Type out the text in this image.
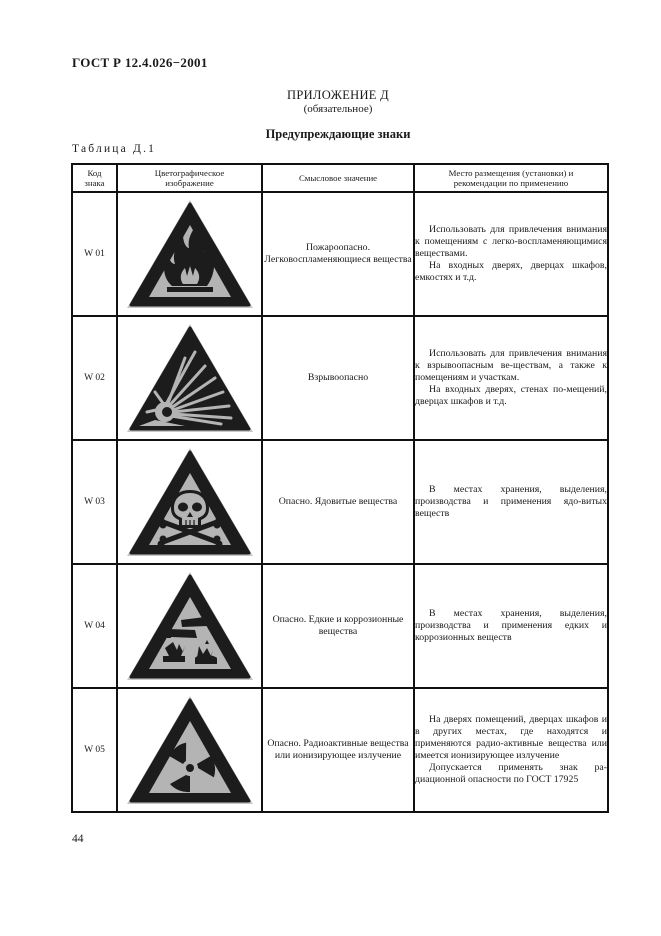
ГОСТ Р 12.4.026−2001
ПРИЛОЖЕНИЕ Д
(обязательное)
Предупреждающие знаки
Таблица Д.1
Код знака	Цветографическое изображение	Смысловое значение	Место размещения (установки) и рекомендации по применению
W 01		Пожароопасно. Легковоспламеняющиеся вещества	Использовать для привлечения внимания к помещениям с легко-воспламеняющимися веществами.

На входных дверях, дверцах шкафов, емкостях и т.д.

W 02		Взрывоопасно	Использовать для привлечения внимания к взрывоопасным ве-ществам, а также к помещениям и участкам.

На входных дверях, стенах по-мещений, дверцах шкафов и т.д.

W 03		Опасно. Ядовитые вещества	В местах хранения, выделения, производства и применения ядо-витых веществ

W 04		Опасно. Едкие и коррозионные вещества	В местах хранения, выделения, производства и применения едких и коррозионных веществ

W 05		Опасно. Радиоактивные вещества или ионизирующее излучение	На дверях помещений, дверцах шкафов и в других местах, где находятся и применяются радио-активные вещества или имеется ионизирующее излучение

Допускается применять знак ра-диационной опасности по ГОСТ 17925

44
